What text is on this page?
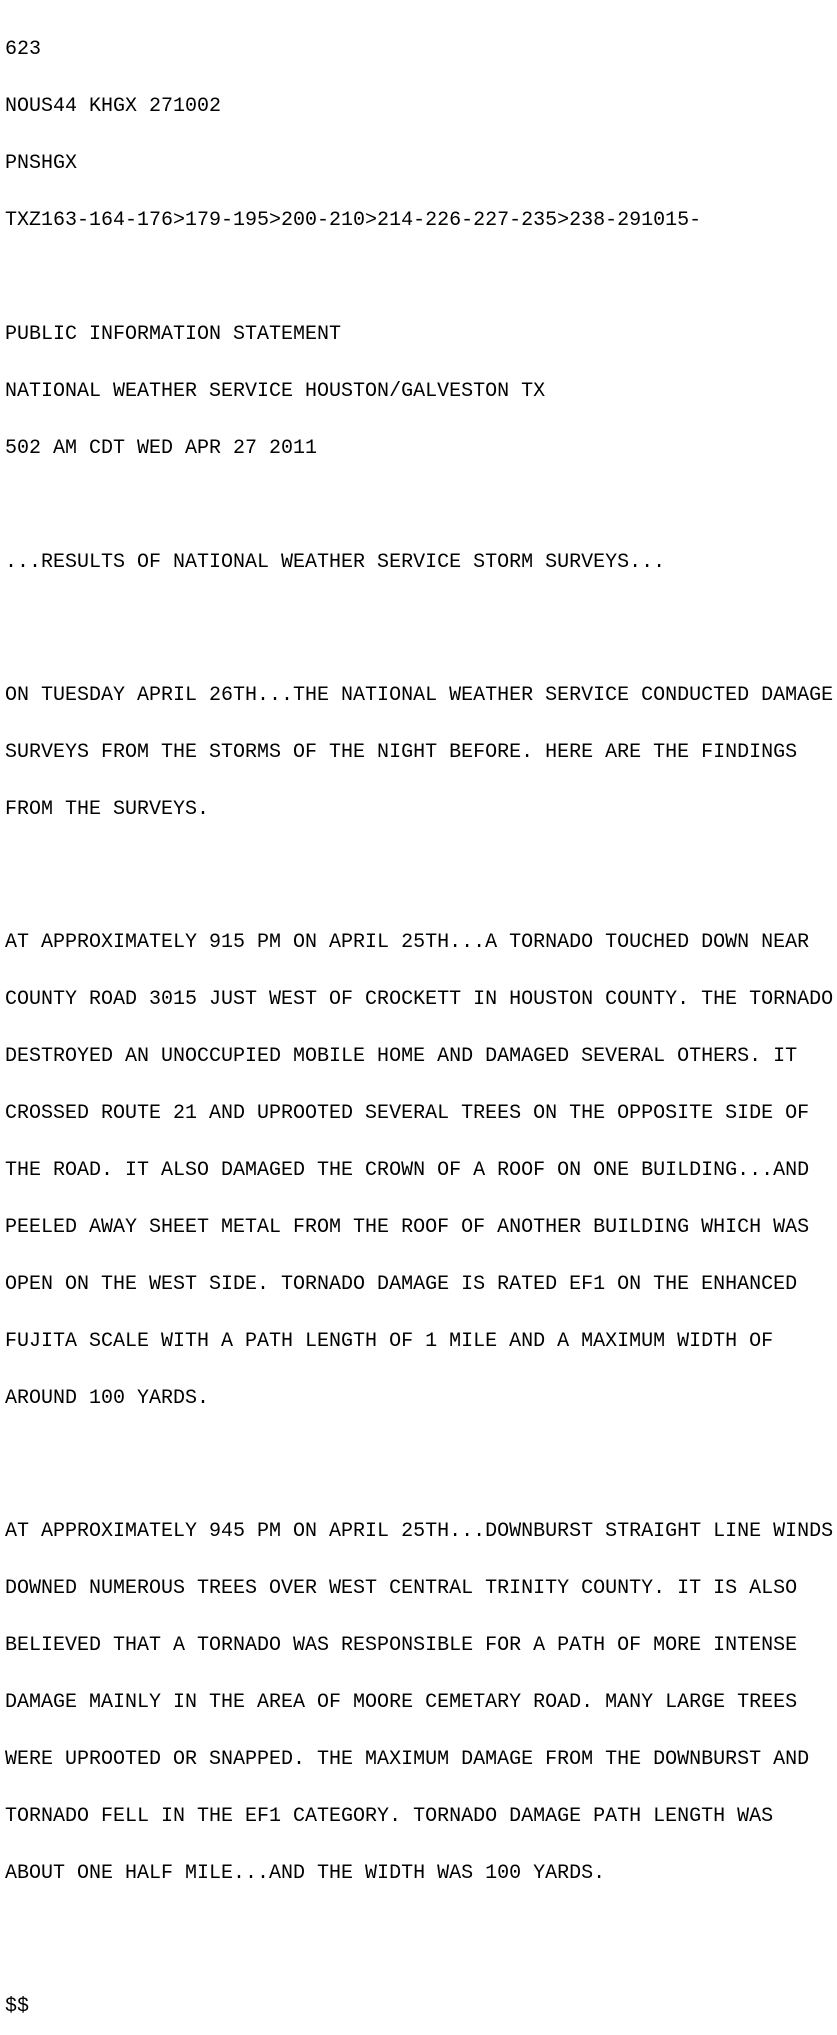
623

NOUS44 KHGX 271002

PNSHGX

TXZ163-164-176>179-195>200-210>214-226-227-235>238-291015-

PUBLIC INFORMATION STATEMENT

NATIONAL WEATHER SERVICE HOUSTON/GALVESTON TX

502 AM CDT WED APR 27 2011

...RESULTS OF NATIONAL WEATHER SERVICE STORM SURVEYS...

ON TUESDAY APRIL 26TH...THE NATIONAL WEATHER SERVICE CONDUCTED DAMAGE

SURVEYS FROM THE STORMS OF THE NIGHT BEFORE. HERE ARE THE FINDINGS

FROM THE SURVEYS.

AT APPROXIMATELY 915 PM ON APRIL 25TH...A TORNADO TOUCHED DOWN NEAR

COUNTY ROAD 3015 JUST WEST OF CROCKETT IN HOUSTON COUNTY. THE TORNADO

DESTROYED AN UNOCCUPIED MOBILE HOME AND DAMAGED SEVERAL OTHERS. IT

CROSSED ROUTE 21 AND UPROOTED SEVERAL TREES ON THE OPPOSITE SIDE OF

THE ROAD. IT ALSO DAMAGED THE CROWN OF A ROOF ON ONE BUILDING...AND

PEELED AWAY SHEET METAL FROM THE ROOF OF ANOTHER BUILDING WHICH WAS

OPEN ON THE WEST SIDE. TORNADO DAMAGE IS RATED EF1 ON THE ENHANCED

FUJITA SCALE WITH A PATH LENGTH OF 1 MILE AND A MAXIMUM WIDTH OF

AROUND 100 YARDS.

AT APPROXIMATELY 945 PM ON APRIL 25TH...DOWNBURST STRAIGHT LINE WINDS

DOWNED NUMEROUS TREES OVER WEST CENTRAL TRINITY COUNTY. IT IS ALSO

BELIEVED THAT A TORNADO WAS RESPONSIBLE FOR A PATH OF MORE INTENSE

DAMAGE MAINLY IN THE AREA OF MOORE CEMETARY ROAD. MANY LARGE TREES

WERE UPROOTED OR SNAPPED. THE MAXIMUM DAMAGE FROM THE DOWNBURST AND

TORNADO FELL IN THE EF1 CATEGORY. TORNADO DAMAGE PATH LENGTH WAS

ABOUT ONE HALF MILE...AND THE WIDTH WAS 100 YARDS.

$$
